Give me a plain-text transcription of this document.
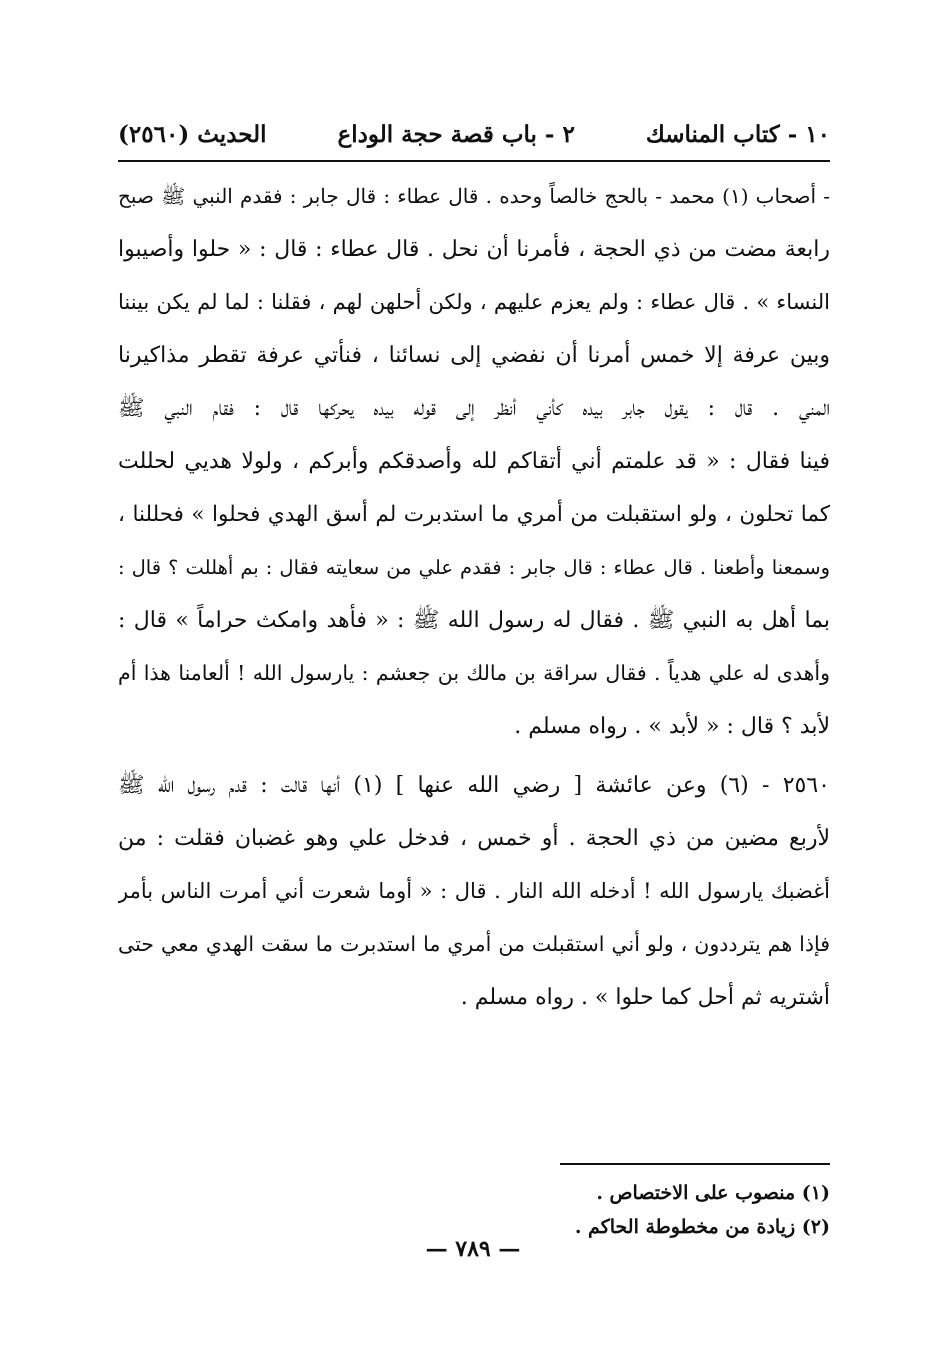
١٠ - كتاب المناسك
٢ - باب قصة حجة الوداع
الحديث (٢٥٦٠)
- أصحاب (١) محمد - بالحج خالصاً وحده . قال عطاء : قال جابر : فقدم النبي ﷺ صبح
رابعة مضت من ذي الحجة ، فأمرنا أن نحل . قال عطاء : قال : « حلوا وأصيبوا
النساء » . قال عطاء : ولم يعزم عليهم ، ولكن أحلهن لهم ، فقلنا : لما لم يكن بيننا
وبين عرفة إلا خمس أمرنا أن نفضي إلى نسائنا ، فنأتي عرفة تقطر مذاكيرنا
المني . قال : يقول جابر بيده كأني أنظر إلى قوله بيده يحركها قال : فقام النبي ﷺ
فينا فقال : « قد علمتم أني أتقاكم لله وأصدقكم وأبركم ، ولولا هديي لحللت
كما تحلون ، ولو استقبلت من أمري ما استدبرت لم أسق الهدي فحلوا » فحللنا ،
وسمعنا وأطعنا . قال عطاء : قال جابر : فقدم علي من سعايته فقال : بم أهللت ؟ قال :
بما أهل به النبي ﷺ . فقال له رسول الله ﷺ : « فأهد وامكث حراماً » قال :
وأهدى له علي هدياً . فقال سراقة بن مالك بن جعشم : يارسول الله ! ألعامنا هذا أم
لأبد ؟ قال : « لأبد » . رواه مسلم .
٢٥٦٠ - (٦) وعن عائشة [ رضي الله عنها ] (١) أنها قالت : قدم رسول الله ﷺ
لأربع مضين من ذي الحجة . أو خمس ، فدخل علي وهو غضبان فقلت : من
أغضبك يارسول الله ! أدخله الله النار . قال : « أوما شعرت أني أمرت الناس بأمر
فإذا هم يترددون ، ولو أني استقبلت من أمري ما استدبرت ما سقت الهدي معي حتى
أشتريه ثم أحل كما حلوا » . رواه مسلم .
(١) منصوب على الاختصاص .
(٢) زيادة من مخطوطة الحاكم .
— ٧٨٩ —
